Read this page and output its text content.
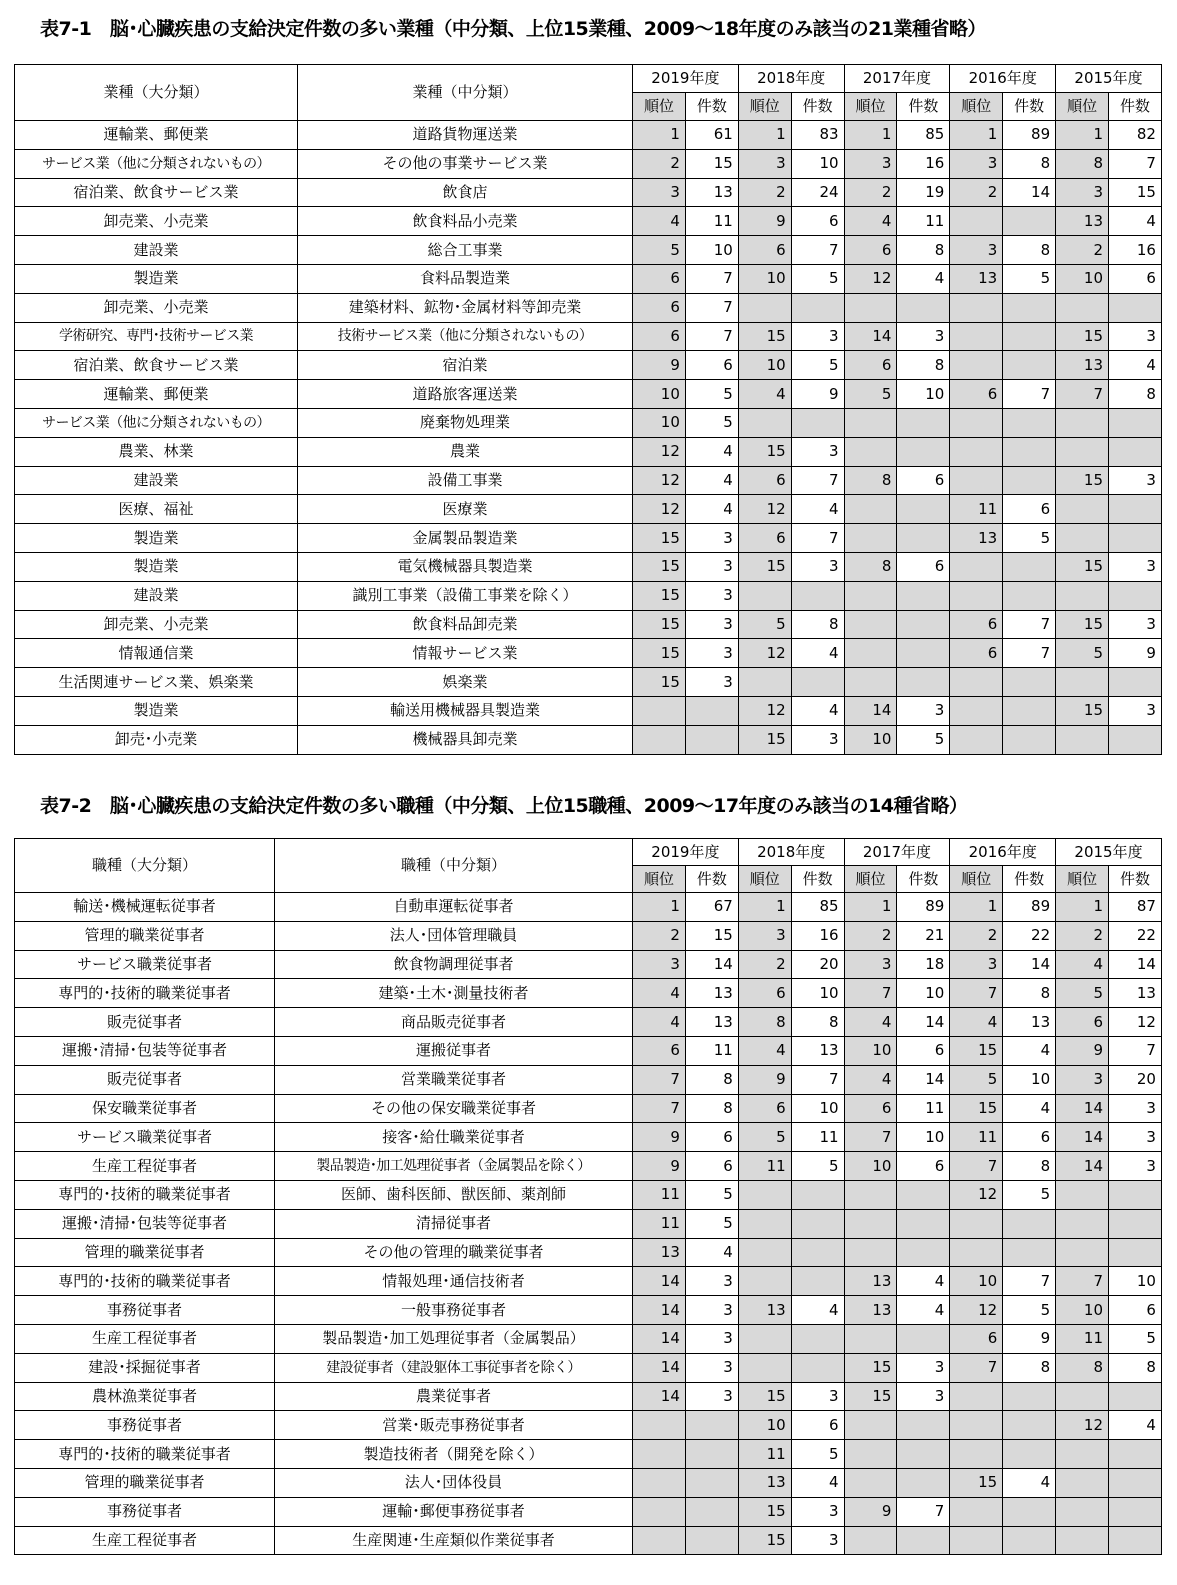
表7-1　脳･心臓疾患の支給決定件数の多い業種（中分類、上位15業種、2009～18年度のみ該当の21業種省略）
業種（大分類）	業種（中分類）	2019年度		2018年度		2017年度		2016年度		2015年度	
		順位	件数	順位	件数	順位	件数	順位	件数	順位	件数
運輸業、郵便業	道路貨物運送業	1	61	1	83	1	85	1	89	1	82
サービス業（他に分類されないもの）	その他の事業サービス業	2	15	3	10	3	16	3	8	8	7
宿泊業、飲食サービス業	飲食店	3	13	2	24	2	19	2	14	3	15
卸売業、小売業	飲食料品小売業	4	11	9	6	4	11			13	4
建設業	総合工事業	5	10	6	7	6	8	3	8	2	16
製造業	食料品製造業	6	7	10	5	12	4	13	5	10	6
卸売業、小売業	建築材料、鉱物･金属材料等卸売業	6	7								
学術研究、専門･技術サービス業	技術サービス業（他に分類されないもの）	6	7	15	3	14	3			15	3
宿泊業、飲食サービス業	宿泊業	9	6	10	5	6	8			13	4
運輸業、郵便業	道路旅客運送業	10	5	4	9	5	10	6	7	7	8
サービス業（他に分類されないもの）	廃棄物処理業	10	5								
農業、林業	農業	12	4	15	3						
建設業	設備工事業	12	4	6	7	8	6			15	3
医療、福祉	医療業	12	4	12	4			11	6		
製造業	金属製品製造業	15	3	6	7			13	5		
製造業	電気機械器具製造業	15	3	15	3	8	6			15	3
建設業	識別工事業（設備工事業を除く）	15	3								
卸売業、小売業	飲食料品卸売業	15	3	5	8			6	7	15	3
情報通信業	情報サービス業	15	3	12	4			6	7	5	9
生活関連サービス業、娯楽業	娯楽業	15	3								
製造業	輸送用機械器具製造業			12	4	14	3			15	3
卸売･小売業	機械器具卸売業			15	3	10	5				
表7-2　脳･心臓疾患の支給決定件数の多い職種（中分類、上位15職種、2009～17年度のみ該当の14種省略）
職種（大分類）	職種（中分類）	2019年度		2018年度		2017年度		2016年度		2015年度	
		順位	件数	順位	件数	順位	件数	順位	件数	順位	件数
輸送･機械運転従事者	自動車運転従事者	1	67	1	85	1	89	1	89	1	87
管理的職業従事者	法人･団体管理職員	2	15	3	16	2	21	2	22	2	22
サービス職業従事者	飲食物調理従事者	3	14	2	20	3	18	3	14	4	14
専門的･技術的職業従事者	建築･土木･測量技術者	4	13	6	10	7	10	7	8	5	13
販売従事者	商品販売従事者	4	13	8	8	4	14	4	13	6	12
運搬･清掃･包装等従事者	運搬従事者	6	11	4	13	10	6	15	4	9	7
販売従事者	営業職業従事者	7	8	9	7	4	14	5	10	3	20
保安職業従事者	その他の保安職業従事者	7	8	6	10	6	11	15	4	14	3
サービス職業従事者	接客･給仕職業従事者	9	6	5	11	7	10	11	6	14	3
生産工程従事者	製品製造･加工処理従事者（金属製品を除く）	9	6	11	5	10	6	7	8	14	3
専門的･技術的職業従事者	医師、歯科医師、獣医師、薬剤師	11	5					12	5		
運搬･清掃･包装等従事者	清掃従事者	11	5								
管理的職業従事者	その他の管理的職業従事者	13	4								
専門的･技術的職業従事者	情報処理･通信技術者	14	3			13	4	10	7	7	10
事務従事者	一般事務従事者	14	3	13	4	13	4	12	5	10	6
生産工程従事者	製品製造･加工処理従事者（金属製品）	14	3					6	9	11	5
建設･採掘従事者	建設従事者（建設躯体工事従事者を除く）	14	3			15	3	7	8	8	8
農林漁業従事者	農業従事者	14	3	15	3	15	3				
事務従事者	営業･販売事務従事者			10	6					12	4
専門的･技術的職業従事者	製造技術者（開発を除く）			11	5						
管理的職業従事者	法人･団体役員			13	4			15	4		
事務従事者	運輸･郵便事務従事者			15	3	9	7				
生産工程従事者	生産関連･生産類似作業従事者			15	3						
